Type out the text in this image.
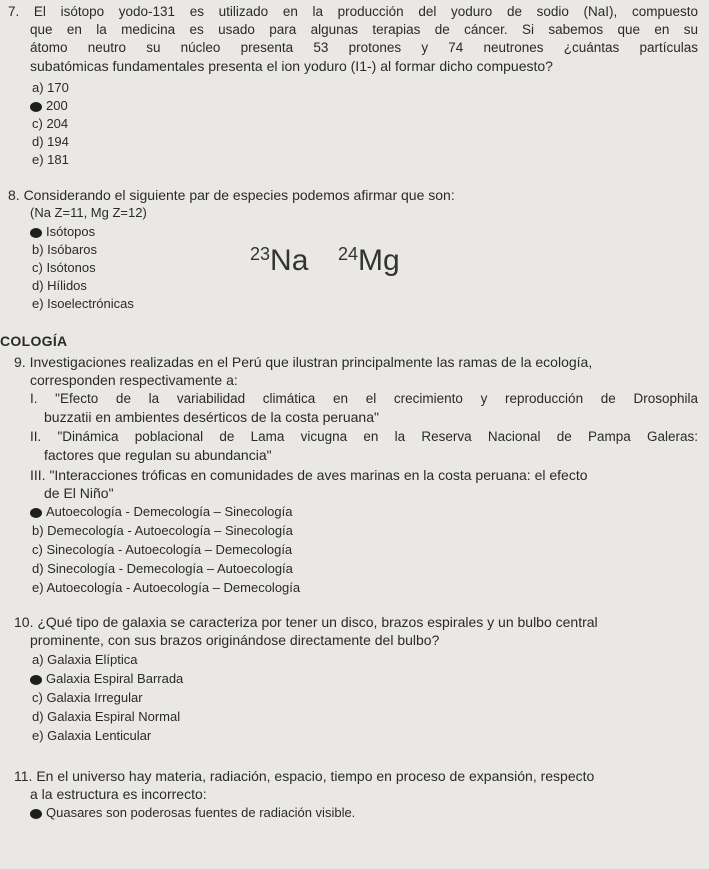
7. El isótopo yodo-131 es utilizado en la producción del yoduro de sodio (NaI), compuesto
que en la medicina es usado para algunas terapias de cáncer. Si sabemos que en su
átomo neutro su núcleo presenta 53 protones y 74 neutrones ¿cuántas partículas
subatómicas fundamentales presenta el ion yoduro (I1-) al formar dicho compuesto?
a) 170
200
c) 204
d) 194
e) 181
8. Considerando el siguiente par de especies podemos afirmar que son:
(Na Z=11, Mg Z=12)
Isótopos
b) Isóbaros
c) Isótonos
d) Hílidos
e) Isoelectrónicas
$^{23}$Na $^{24}$Mg
COLOGÍA
9. Investigaciones realizadas en el Perú que ilustran principalmente las ramas de la ecología,
corresponden respectivamente a:
I. "Efecto de la variabilidad climática en el crecimiento y reproducción de Drosophila
buzzatii en ambientes desérticos de la costa peruana"
II. "Dinámica poblacional de Lama vicugna en la Reserva Nacional de Pampa Galeras:
factores que regulan su abundancia"
III. "Interacciones tróficas en comunidades de aves marinas en la costa peruana: el efecto
de El Niño"
Autoecología - Demecología – Sinecología
b) Demecología - Autoecología – Sinecología
c) Sinecología - Autoecología – Demecología
d) Sinecología - Demecología – Autoecología
e) Autoecología - Autoecología – Demecología
10. ¿Qué tipo de galaxia se caracteriza por tener un disco, brazos espirales y un bulbo central
prominente, con sus brazos originándose directamente del bulbo?
a) Galaxia Elíptica
Galaxia Espiral Barrada
c) Galaxia Irregular
d) Galaxia Espiral Normal
e) Galaxia Lenticular
11. En el universo hay materia, radiación, espacio, tiempo en proceso de expansión, respecto
a la estructura es incorrecto:
Quasares son poderosas fuentes de radiación visible.
